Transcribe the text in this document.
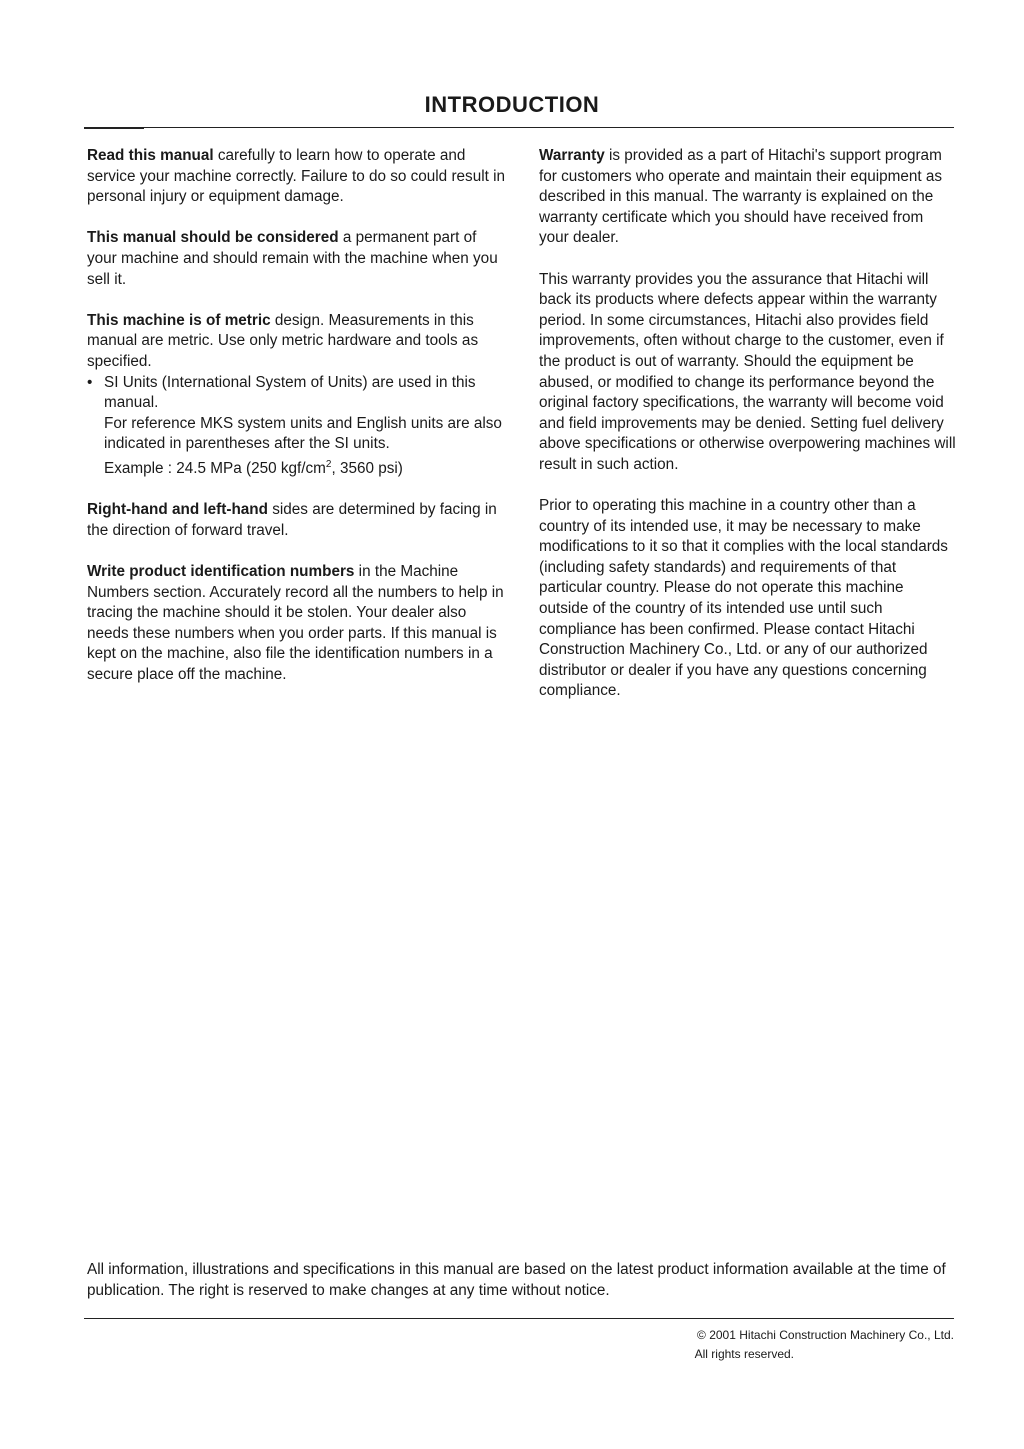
INTRODUCTION

Read this manual carefully to learn how to operate and service your machine correctly. Failure to do so could result in personal injury or equipment damage.

This manual should be considered a permanent part of your machine and should remain with the machine when you sell it.

This machine is of metric design. Measurements in this manual are metric. Use only metric hardware and tools as specified.

• SI Units (International System of Units) are used in this manual.

For reference MKS system units and English units are also indicated in parentheses after the SI units.

Example : 24.5 MPa (250 kgf/$cm^2$, 3560 psi)

Right-hand and left-hand sides are determined by facing in the direction of forward travel.

Write product identification numbers in the Machine Numbers section. Accurately record all the numbers to help in tracing the machine should it be stolen. Your dealer also needs these numbers when you order parts. If this manual is kept on the machine, also file the identification numbers in a secure place off the machine.

Warranty is provided as a part of Hitachi's support program for customers who operate and maintain their equipment as described in this manual. The warranty is explained on the warranty certificate which you should have received from your dealer.

This warranty provides you the assurance that Hitachi will back its products where defects appear within the warranty period. In some circumstances, Hitachi also provides field improvements, often without charge to the customer, even if the product is out of warranty. Should the equipment be abused, or modified to change its performance beyond the original factory specifications, the warranty will become void and field improvements may be denied. Setting fuel delivery above specifications or otherwise overpowering machines will result in such action.

Prior to operating this machine in a country other than a country of its intended use, it may be necessary to make modifications to it so that it complies with the local standards (including safety standards) and requirements of that particular country. Please do not operate this machine outside of the country of its intended use until such compliance has been confirmed. Please contact Hitachi Construction Machinery Co., Ltd. or any of our authorized distributor or dealer if you have any questions concerning compliance.

All information, illustrations and specifications in this manual are based on the latest product information available at the time of publication. The right is reserved to make changes at any time without notice.
© 2001 Hitachi Construction Machinery Co., Ltd.

All rights reserved.
